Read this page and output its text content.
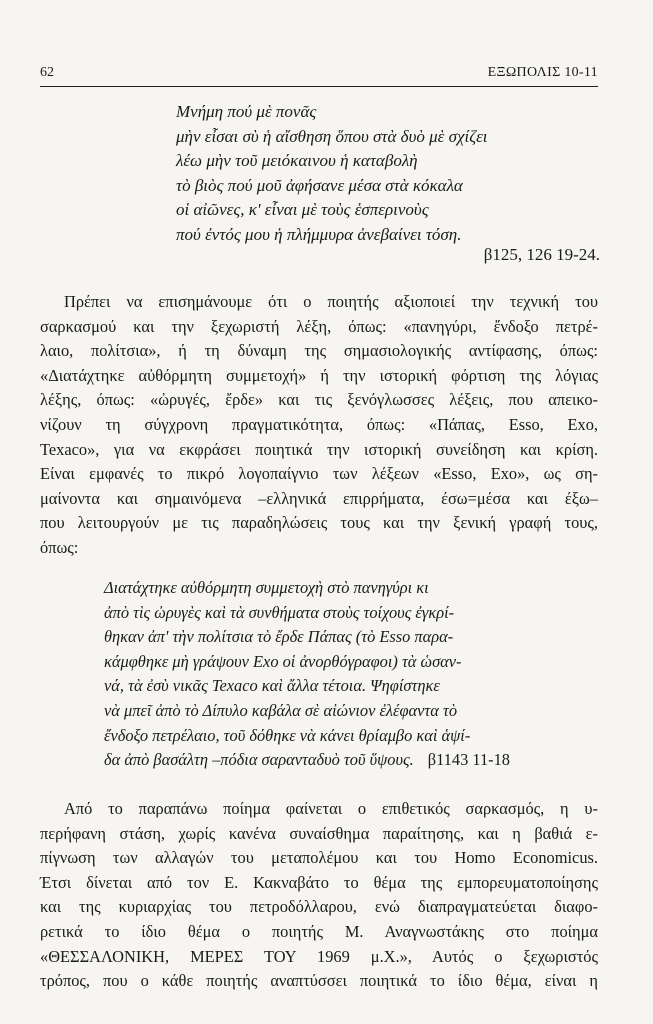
62	ΕΞΩΠΟΛΙΣ 10-11
Μνήμη πού μὲ πονᾶς
μὴν εἶσαι σὺ ἡ αἴσθηση ὅπου στὰ δυὸ μὲ σχίζει
λέω μὴν τοῦ μειόκαινου ἡ καταβολὴ
τὸ βιὸς πού μοῦ ἀφήσανε μέσα στὰ κόκαλα
οἱ αἰῶνες, κ' εἶναι μὲ τοὺς ἑσπερινοὺς
πού ἐντός μου ἡ πλήμμυρα ἀνεβαίνει τόση.
β125, 126 19-24.
Πρέπει να επισημάνουμε ότι ο ποιητής αξιοποιεί την τεχνική του
σαρκασμού και την ξεχωριστή λέξη, όπως: «πανηγύρι, ἔνδοξο πετρέ-
λαιο, πολίτσια», ή τη δύναμη της σημασιολογικής αντίφασης, όπως:
«Διατάχτηκε αὐθόρμητη συμμετοχή» ή την ιστορική φόρτιση της λόγιας
λέξης, όπως: «ὠρυγές, ἔρδε» και τις ξενόγλωσσες λέξεις, που απεικο-
νίζουν τη σύγχρονη πραγματικότητα, όπως: «Πάπας, Esso, Exo,
Texaco», για να εκφράσει ποιητικά την ιστορική συνείδηση και κρίση.
Είναι εμφανές το πικρό λογοπαίγνιο των λέξεων «Esso, Exo», ως ση-
μαίνοντα και σημαινόμενα –ελληνικά επιρρήματα, έσω=μέσα και έξω–
που λειτουργούν με τις παραδηλώσεις τους και την ξενική γραφή τους,
όπως:
Διατάχτηκε αὐθόρμητη συμμετοχὴ στὸ πανηγύρι κι
ἀπὸ τὶς ὠρυγὲς καὶ τὰ συνθήματα στοὺς τοίχους ἐγκρί-
θηκαν ἀπ' τὴν πολίτσια τὸ ἔρδε Πάπας (τὸ Esso παρα-
κάμφθηκε μὴ γράψουν Exo οἱ ἀνορθόγραφοι) τὰ ὡσαν-
νά, τὰ ἐσὺ νικᾶς Texaco καὶ ἄλλα τέτοια. Ψηφίστηκε
νὰ μπεῖ ἀπὸ τὸ Δίπυλο καβάλα σὲ αἰώνιον ἐλέφαντα τὸ
ἔνδοξο πετρέλαιο, τοῦ δόθηκε νὰ κάνει θρίαμβο καὶ ἁψί-
δα ἀπὸ βασάλτη –πόδια σαρανταδυὸ τοῦ ὕψους. β1143 11-18
Από το παραπάνω ποίημα φαίνεται ο επιθετικός σαρκασμός, η υ-
περήφανη στάση, χωρίς κανένα συναίσθημα παραίτησης, και η βαθιά ε-
πίγνωση των αλλαγών του μεταπολέμου και του Homo Economicus.
Έτσι δίνεται από τον Ε. Κακναβάτο το θέμα της εμπορευματοποίησης
και της κυριαρχίας του πετροδόλλαρου, ενώ διαπραγματεύεται διαφο-
ρετικά το ίδιο θέμα ο ποιητής Μ. Αναγνωστάκης στο ποίημα
«ΘΕΣΣΑΛΟΝΙΚΗ, ΜΕΡΕΣ ΤΟΥ 1969 μ.Χ.», Αυτός ο ξεχωριστός
τρόπος, που ο κάθε ποιητής αναπτύσσει ποιητικά το ίδιο θέμα, είναι η
